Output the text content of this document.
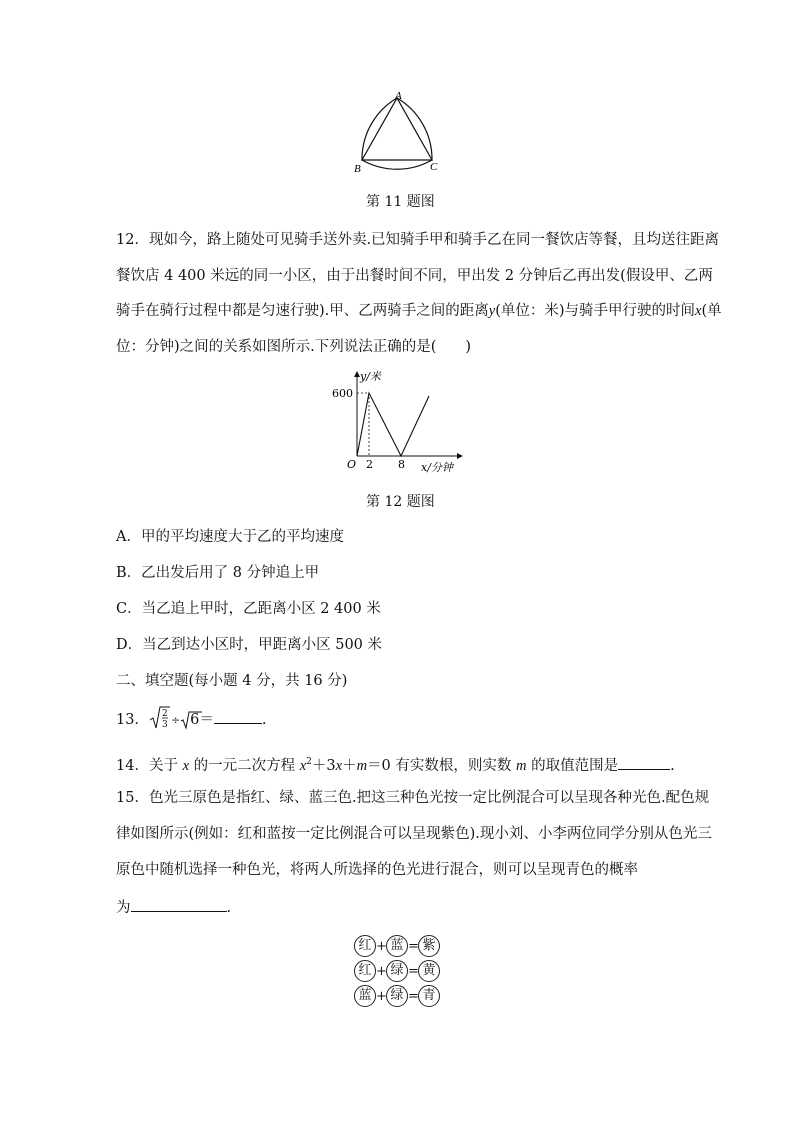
A
B	C
第 11 题图
12．现如今，路上随处可见骑手送外卖.已知骑手甲和骑手乙在同一餐饮店等餐，且均送往距离
餐饮店 4 400 米远的同一小区，由于出餐时间不同，甲出发 2 分钟后乙再出发(假设甲、乙两
骑手在骑行过程中都是匀速行驶).甲、乙两骑手之间的距离y(单位：米)与骑手甲行驶的时间x(单
位：分钟)之间的关系如图所示.下列说法正确的是(　　)
600
y/米
O 2 8 x/分钟
第 12 题图
A．甲的平均速度大于乙的平均速度
B．乙出发后用了 8 分钟追上甲
C．当乙追上甲时，乙距离小区 2 400 米
D．当乙到达小区时，甲距离小区 500 米
二、填空题(每小题 4 分，共 16 分)
13． 2
3 ÷ 6＝	.
14．关于 x 的一元二次方程 $x^2+3x+m=0$ 有实数根，则实数 m 的取值范围是	.
15．色光三原色是指红、绿、蓝三色.把这三种色光按一定比例混合可以呈现各种光色.配色规
律如图所示(例如：红和蓝按一定比例混合可以呈现紫色).现小刘、小李两位同学分别从色光三
原色中随机选择一种色光，将两人所选择的色光进行混合，则可以呈现青色的概率
为	.
红 + 蓝 = 紫
红 + 绿 = 黄
蓝 + 绿 = 青
